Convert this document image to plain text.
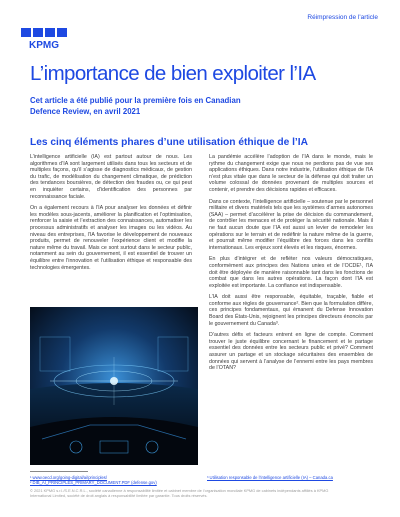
KPMG
Réimpression de l'article
L’importance de bien exploiter l’IA
Cet article a été publié pour la première fois en Canadian Defence Review, en avril 2021
Les cinq éléments phares d’une utilisation éthique de l’IA

L’intelligence artificielle (IA) est partout autour de nous. Les algorithmes d’IA sont largement utilisés dans tous les secteurs et de multiples façons, qu’il s’agisse de diagnostics médicaux, de gestion du trafic, de modélisation du changement climatique, de prédiction des tendances boursières, de détection des fraudes ou, ce qui peut en inquiéter certains, d’identification des personnes par reconnaissance faciale.

On a également recours à l’IA pour analyser les données et définir les modèles sous-jacents, améliorer la planification et l’optimisation, renforcer la saisie et l’extraction des connaissances, automatiser les processus administratifs et analyser les images ou les vidéos. Au niveau des entreprises, l’IA favorise le développement de nouveaux produits, permet de renouveler l’expérience client et modifie la nature même du travail. Mais ce sont surtout dans le secteur public, notamment au sein du gouvernement, il est essentiel de trouver un équilibre entre l’innovation et l’utilisation éthique et responsable des technologies émergentes.

La pandémie accélère l’adoption de l’IA dans le monde, mais le rythme du changement exige que nous ne perdions pas de vue ses applications éthiques. Dans notre industrie, l’utilisation éthique de l’IA n’est plus vitale que dans le secteur de la défense qui doit traiter un volume colossal de données provenant de multiples sources et contenir, et prendre des décisions rapides et efficaces.

Dans ce contexte, l’intelligence artificielle – soutenue par le personnel militaire et divers matériels tels que les systèmes d’armes autonomes (SAA) – permet d’accélérer la prise de décision du commandement, de contrôler les menaces et de protéger la sécurité nationale. Mais il ne faut aucun doute que l’IA est aussi un levier de remodeler les opérations sur le terrain et de redéfinir la nature même de la guerre, et pourrait même modifier l’équilibre des forces dans les conflits internationaux. Les enjeux sont élevés et les risques, énormes.

En plus d’intégrer et de refléter nos valeurs démocratiques, conformément aux principes des Nations unies et de l’OCDE¹, l’IA doit être déployée de manière raisonnable tant dans les fonctions de combat que dans les autres opérations. La façon dont l’IA est exploitée est importante. La confiance est indispensable.

L’IA doit aussi être responsable, équitable, traçable, fiable et conforme aux règles de gouvernance². Bien que la formulation diffère, ces principes fondamentaux, qui émanent du Defense Innovation Board des États-Unis, rejoignent les principes directeurs énoncés par le gouvernement du Canada³.

D’autres défis et facteurs entrent en ligne de compte. Comment trouver le juste équilibre concernant le financement et le partage essentiel des données entre les secteurs public et privé? Comment assurer un partage et un stockage sécuritaires des ensembles de données qui servent à l’analyse de l’ennemi entre les pays membres de l’OTAN?

¹ www.oecd.org/going-digital/ai/principles/
² DIB_AI_PRINCIPLES_PRIMARY_DOCUMENT.PDF (defense.gov)
³ Utilisation responsable de l’intelligence artificielle (IA) – Canada.ca
© 2021 KPMG s.r.l./S.E.N.C.R.L., société canadienne à responsabilité limitée et cabinet membre de l’organisation mondiale KPMG de cabinets indépendants affiliés à KPMG International Limited, société de droit anglais à responsabilité limitée par garantie. Tous droits réservés.
